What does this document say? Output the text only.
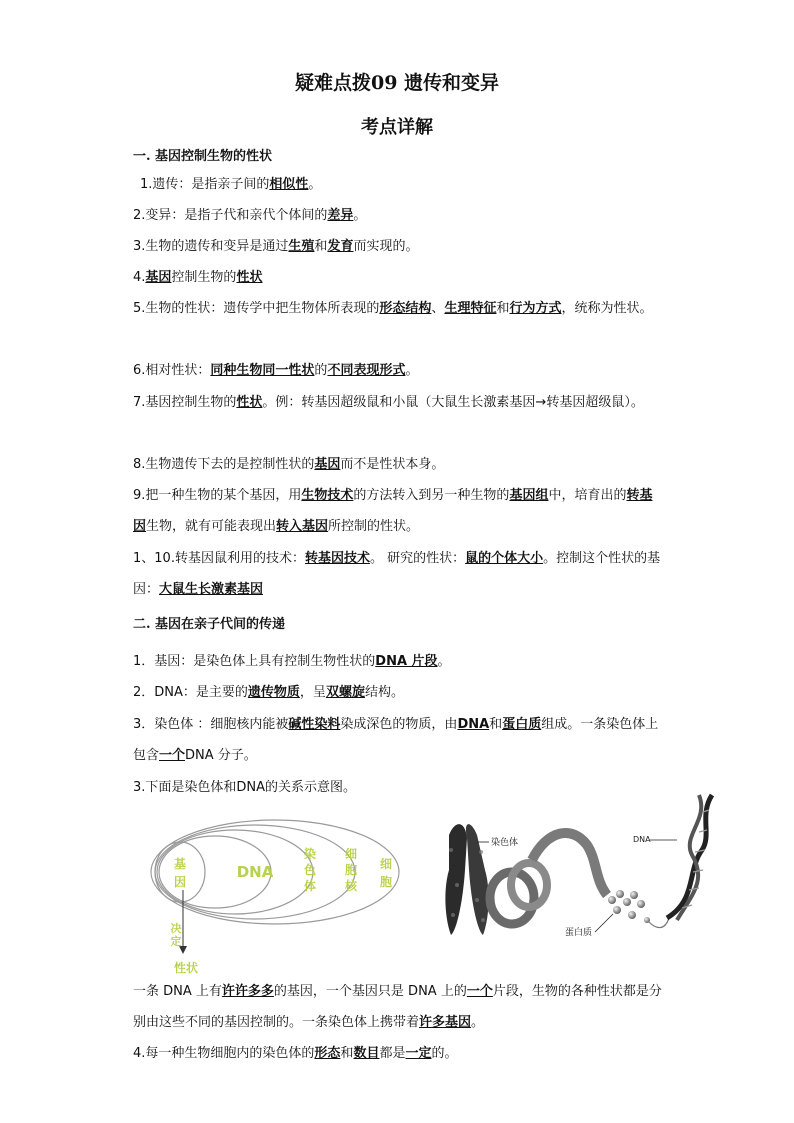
疑难点拨09 遗传和变异
考点详解
一. 基因控制生物的性状
1.遗传：是指亲子间的相似性。
2.变异：是指子代和亲代个体间的差异。
3.生物的遗传和变异是通过生殖和发育而实现的。
4.基因控制生物的性状
5.生物的性状：遗传学中把生物体所表现的形态结构、生理特征和行为方式，统称为性状。
6.相对性状：同种生物同一性状的不同表现形式。
7.基因控制生物的性状。例：转基因超级鼠和小鼠（大鼠生长激素基因→转基因超级鼠）。
8.生物遗传下去的是控制性状的基因而不是性状本身。
9.把一种生物的某个基因，用生物技术的方法转入到另一种生物的基因组中，培育出的转基因生物，就有可能表现出转入基因所控制的性状。
1、10.转基因鼠利用的技术：转基因技术。 研究的性状：鼠的个体大小。控制这个性状的基因：大鼠生长激素基因
二. 基因在亲子代间的传递
1．基因：是染色体上具有控制生物性状的DNA 片段。
2．DNA：是主要的遗传物质，呈双螺旋结构。
3．染色体 ：细胞核内能被碱性染料染成深色的物质，由DNA和蛋白质组成。一条染色体上包含一个DNA 分子。
3.下面是染色体和DNA的关系示意图。
基
因
DNA
染
色
体
细
胞
核
细
胞
决
定
性状
染色体	DNA
蛋白质
一条 DNA 上有许许多多的基因，一个基因只是 DNA 上的一个片段，生物的各种性状都是分别由这些不同的基因控制的。一条染色体上携带着许多基因。
4.每一种生物细胞内的染色体的形态和数目都是一定的。
